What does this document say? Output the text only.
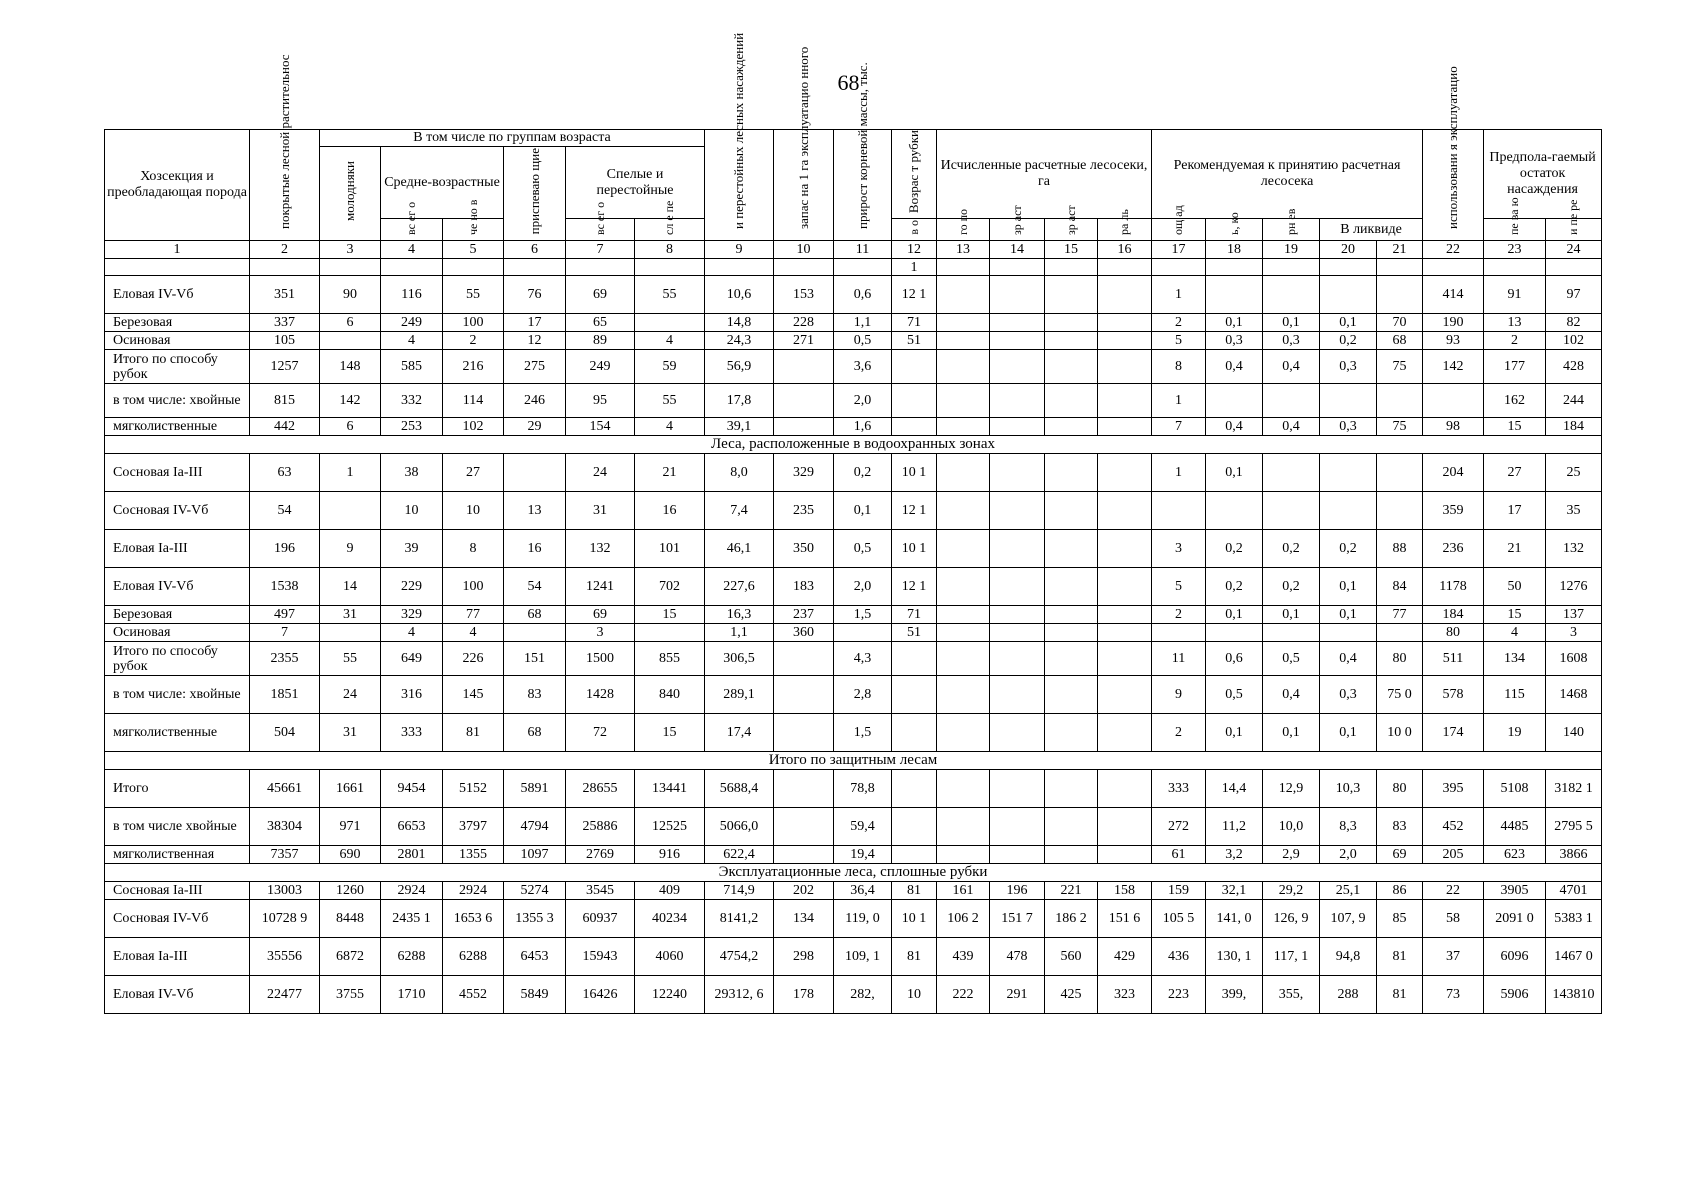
68
Хозсекция и преобладающая порода	покрытые лесной растительнос	В том числе по группам возраста						и перестойных лесных насаждений	запас на 1 га эксплуатацио нного	прирост корневой массы, тыс.	Возрас т рубки	Исчисленные расчетные лесосеки, га				Рекомендуемая к принятию расчетная лесосека					использовани я эксплуатацио	Предпола-гаемый остаток насаждения	
		молодняки	Средне-возрастные		приспеваю щие	Спелые и перестойные																	
			вс ег о	че но в		вс ег о	сл е пе				в о	го по	зр аст	зр аст	ра ль	ощ ад	ь, ко	рн ев	В ликвиде			пе ва ю	и пе ре
1	2	3	4	5	6	7	8	9	10	11	12	13	14	15	16	17	18	19	20	21	22	23	24
											1												
Еловая IV-Vб	351	90	116	55	76	69	55	10,6	153	0,6	12 1					1					414	91	97
Березовая	337	6	249	100	17	65		14,8	228	1,1	71					2	0,1	0,1	0,1	70	190	13	82
Осиновая	105		4	2	12	89	4	24,3	271	0,5	51					5	0,3	0,3	0,2	68	93	2	102
Итого по способу рубок	1257	148	585	216	275	249	59	56,9		3,6						8	0,4	0,4	0,3	75	142	177	428
в том числе: хвойные	815	142	332	114	246	95	55	17,8		2,0						1						162	244
мягколиственные	442	6	253	102	29	154	4	39,1		1,6						7	0,4	0,4	0,3	75	98	15	184
Леса, расположенные в водоохранных зонах																							
Сосновая Ia-III	63	1	38	27		24	21	8,0	329	0,2	10 1					1	0,1				204	27	25
Сосновая IV-Vб	54		10	10	13	31	16	7,4	235	0,1	12 1										359	17	35
Еловая Ia-III	196	9	39	8	16	132	101	46,1	350	0,5	10 1					3	0,2	0,2	0,2	88	236	21	132
Еловая IV-Vб	1538	14	229	100	54	1241	702	227,6	183	2,0	12 1					5	0,2	0,2	0,1	84	1178	50	1276
Березовая	497	31	329	77	68	69	15	16,3	237	1,5	71					2	0,1	0,1	0,1	77	184	15	137
Осиновая	7		4	4		3		1,1	360		51										80	4	3
Итого по способу рубок	2355	55	649	226	151	1500	855	306,5		4,3						11	0,6	0,5	0,4	80	511	134	1608
в том числе: хвойные	1851	24	316	145	83	1428	840	289,1		2,8						9	0,5	0,4	0,3	75 0	578	115	1468
мягколиственные	504	31	333	81	68	72	15	17,4		1,5						2	0,1	0,1	0,1	10 0	174	19	140
Итого по защитным лесам																							
Итого	45661	1661	9454	5152	5891	28655	13441	5688,4		78,8						333	14,4	12,9	10,3	80	395	5108	3182 1
в том числе хвойные	38304	971	6653	3797	4794	25886	12525	5066,0		59,4						272	11,2	10,0	8,3	83	452	4485	2795 5
мягколиственная	7357	690	2801	1355	1097	2769	916	622,4		19,4						61	3,2	2,9	2,0	69	205	623	3866
Эксплуатационные леса, сплошные рубки																							
Сосновая Ia-III	13003	1260	2924	2924	5274	3545	409	714,9	202	36,4	81	161	196	221	158	159	32,1	29,2	25,1	86	22	3905	4701
Сосновая IV-Vб	10728 9	8448	2435 1	1653 6	1355 3	60937	40234	8141,2	134	119, 0	10 1	106 2	151 7	186 2	151 6	105 5	141, 0	126, 9	107, 9	85	58	2091 0	5383 1
Еловая Ia-III	35556	6872	6288	6288	6453	15943	4060	4754,2	298	109, 1	81	439	478	560	429	436	130, 1	117, 1	94,8	81	37	6096	1467 0
Еловая IV-Vб	22477	3755	1710	4552	5849	16426	12240	29312, 6	178	282,	10	222	291	425	323	223	399,	355,	288	81	73	5906	143810
